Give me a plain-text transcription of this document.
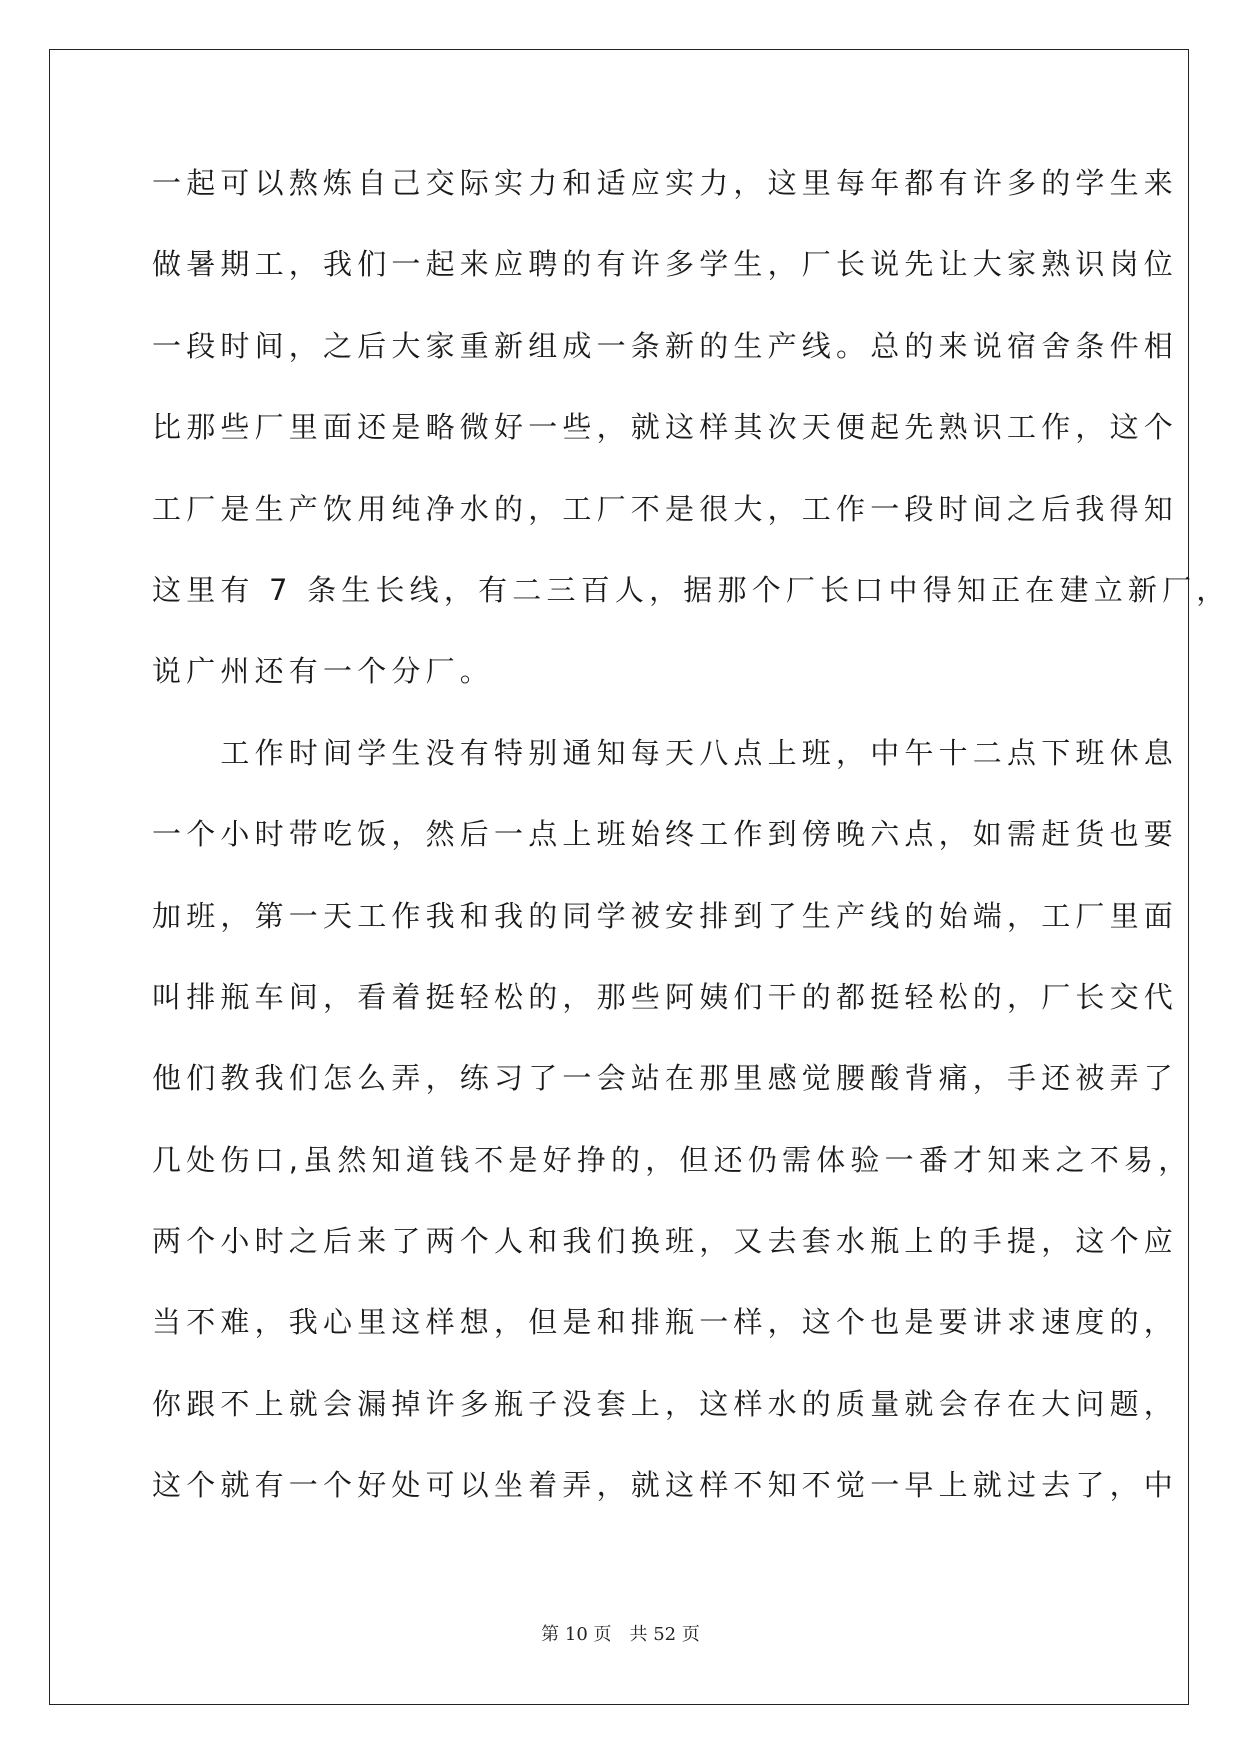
一起可以熬炼自己交际实力和适应实力，这里每年都有许多的学生来
做暑期工，我们一起来应聘的有许多学生，厂长说先让大家熟识岗位
一段时间，之后大家重新组成一条新的生产线。总的来说宿舍条件相
比那些厂里面还是略微好一些，就这样其次天便起先熟识工作，这个
工厂是生产饮用纯净水的，工厂不是很大，工作一段时间之后我得知
这里有 7 条生长线，有二三百人，据那个厂长口中得知正在建立新厂，
说广州还有一个分厂。
　　工作时间学生没有特别通知每天八点上班，中午十二点下班休息
一个小时带吃饭，然后一点上班始终工作到傍晚六点，如需赶货也要
加班，第一天工作我和我的同学被安排到了生产线的始端，工厂里面
叫排瓶车间，看着挺轻松的，那些阿姨们干的都挺轻松的，厂长交代
他们教我们怎么弄，练习了一会站在那里感觉腰酸背痛，手还被弄了
几处伤口,虽然知道钱不是好挣的，但还仍需体验一番才知来之不易，
两个小时之后来了两个人和我们换班，又去套水瓶上的手提，这个应
当不难，我心里这样想，但是和排瓶一样，这个也是要讲求速度的，
你跟不上就会漏掉许多瓶子没套上，这样水的质量就会存在大问题，
这个就有一个好处可以坐着弄，就这样不知不觉一早上就过去了，中
第 10 页　共 52 页
